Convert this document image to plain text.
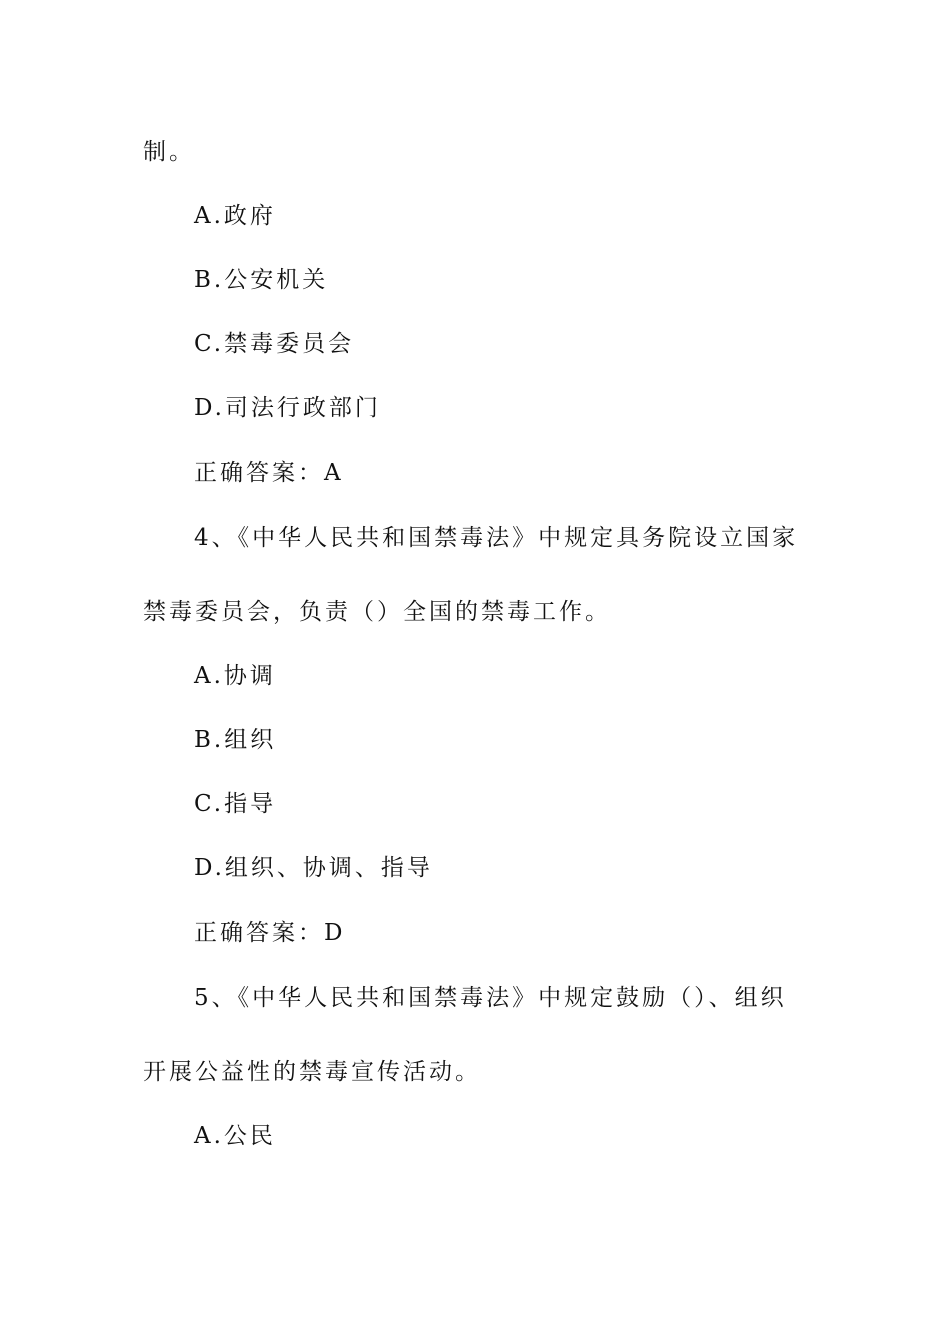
制。
A.政府
B.公安机关
C.禁毒委员会
D.司法行政部门
正确答案：A
4、《中华人民共和国禁毒法》中规定具务院设立国家
禁毒委员会，负责（）全国的禁毒工作。
A.协调
B.组织
C.指导
D.组织、协调、指导
正确答案：D
5、《中华人民共和国禁毒法》中规定鼓励（）、组织
开展公益性的禁毒宣传活动。
A.公民
